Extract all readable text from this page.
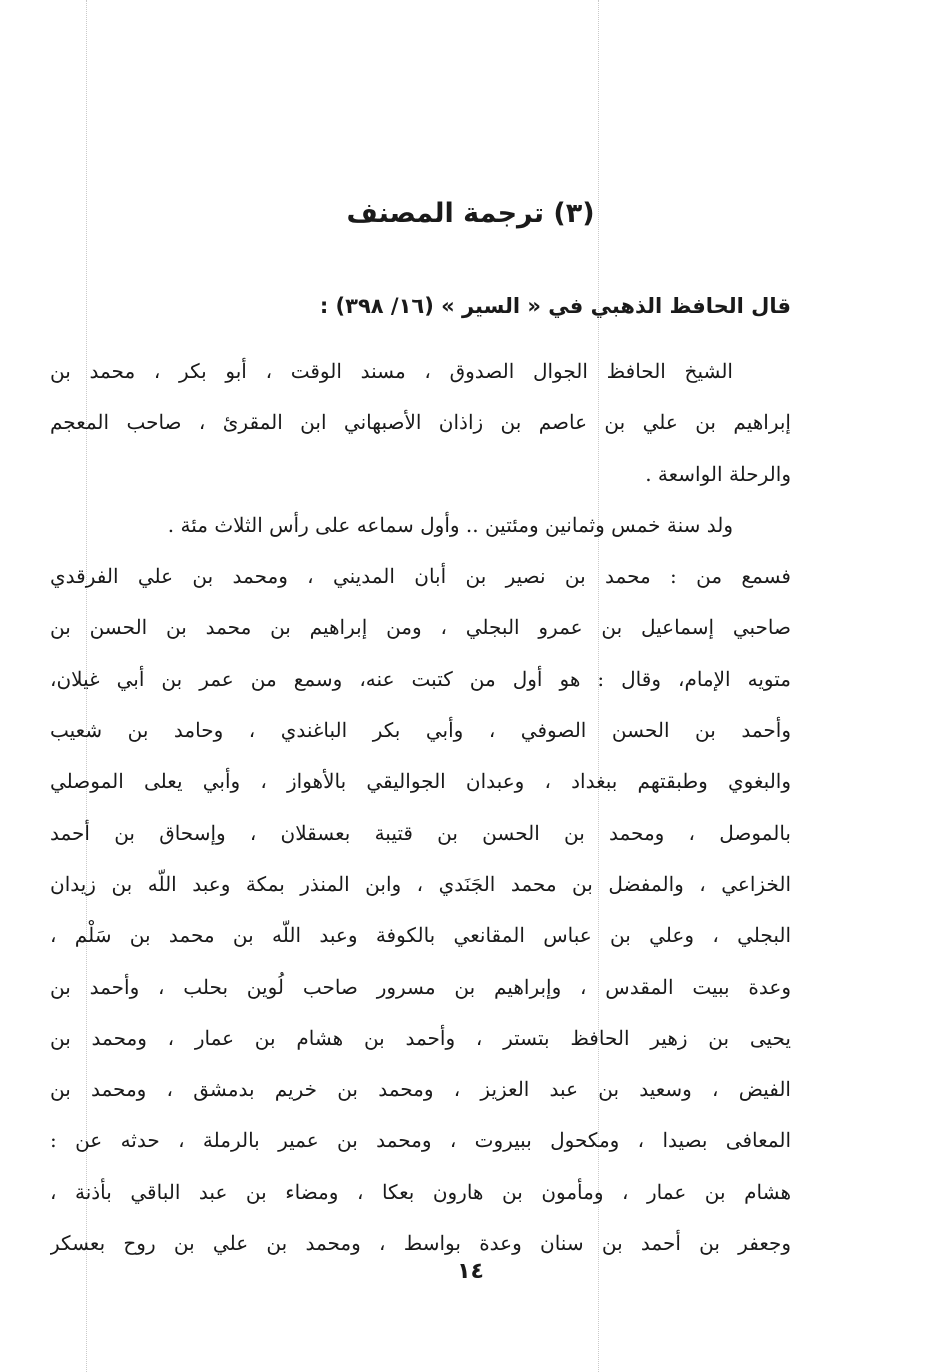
(٣) ترجمة المصنف
قال الحافظ الذهبي في « السير » (١٦/ ٣٩٨) :
الشيخ الحافظ الجوال الصدوق ، مسند الوقت ، أبو بكر ، محمد بن
إبراهيم بن علي بن عاصم بن زاذان الأصبهاني ابن المقرئ ، صاحب المعجم
والرحلة الواسعة .
ولد سنة خمس وثمانين ومئتين .. وأول سماعه على رأس الثلاث مئة .
فسمع من : محمد بن نصير بن أبان المديني ، ومحمد بن علي الفرقدي
صاحبي إسماعيل بن عمرو البجلي ، ومن إبراهيم بن محمد بن الحسن بن
متويه الإمام، وقال : هو أول من كتبت عنه، وسمع من عمر بن أبي غيلان،
وأحمد بن الحسن الصوفي ، وأبي بكر الباغندي ، وحامد بن شعيب
والبغوي وطبقتهم ببغداد ، وعبدان الجواليقي بالأهواز ، وأبي يعلى الموصلي
بالموصل ، ومحمد بن الحسن بن قتيبة بعسقلان ، وإسحاق بن أحمد
الخزاعي ، والمفضل بن محمد الجَنَدي ، وابن المنذر بمكة وعبد اللّه بن زيدان
البجلي ، وعلي بن عباس المقانعي بالكوفة وعبد اللّه بن محمد بن سَلْم ،
وعدة ببيت المقدس ، وإبراهيم بن مسرور صاحب لُوين بحلب ، وأحمد بن
يحيى بن زهير الحافظ بتستر ، وأحمد بن هشام بن عمار ، ومحمد بن
الفيض ، وسعيد بن عبد العزيز ، ومحمد بن خريم بدمشق ، ومحمد بن
المعافى بصيدا ، ومكحول ببيروت ، ومحمد بن عمير بالرملة ، حدثه عن :
هشام بن عمار ، ومأمون بن هارون بعكا ، ومضاء بن عبد الباقي بأذنة ،
وجعفر بن أحمد بن سنان وعدة بواسط ، ومحمد بن علي بن روح بعسكر
١٤
